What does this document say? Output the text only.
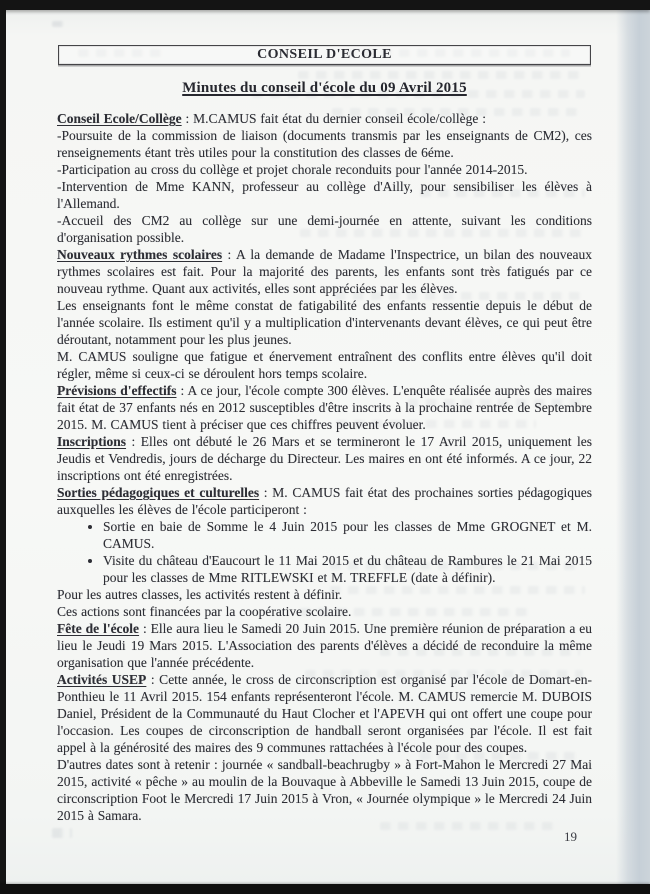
CONSEIL D'ECOLE
Minutes du conseil d'école du 09 Avril 2015

Conseil Ecole/Collège : M.CAMUS fait état du dernier conseil école/collège :

-Poursuite de la commission de liaison (documents transmis par les enseignants de CM2), ces renseignements étant très utiles pour la constitution des classes de 6éme.

-Participation au cross du collège et projet chorale reconduits pour l'année 2014-2015.

-Intervention de Mme KANN, professeur au collège d'Ailly, pour sensibiliser les élèves à l'Allemand.

-Accueil des CM2 au collège sur une demi-journée en attente, suivant les conditions d'organisation possible.

Nouveaux rythmes scolaires : A la demande de Madame l'Inspectrice, un bilan des nouveaux rythmes scolaires est fait. Pour la majorité des parents, les enfants sont très fatigués par ce nouveau rythme. Quant aux activités, elles sont appréciées par les élèves.

Les enseignants font le même constat de fatigabilité des enfants ressentie depuis le début de l'année scolaire. Ils estiment qu'il y a multiplication d'intervenants devant élèves, ce qui peut être déroutant, notamment pour les plus jeunes.

M. CAMUS souligne que fatigue et énervement entraînent des conflits entre élèves qu'il doit régler, même si ceux-ci se déroulent hors temps scolaire.

Prévisions d'effectifs : A ce jour, l'école compte 300 élèves. L'enquête réalisée auprès des maires fait état de 37 enfants nés en 2012 susceptibles d'être inscrits à la prochaine rentrée de Septembre 2015. M. CAMUS tient à préciser que ces chiffres peuvent évoluer.

Inscriptions : Elles ont débuté le 26 Mars et se termineront le 17 Avril 2015, uniquement les Jeudis et Vendredis, jours de décharge du Directeur. Les maires en ont été informés. A ce jour, 22 inscriptions ont été enregistrées.

Sorties pédagogiques et culturelles : M. CAMUS fait état des prochaines sorties pédagogiques auxquelles les élèves de l'école participeront :

• Sortie en baie de Somme le 4 Juin 2015 pour les classes de Mme GROGNET et M. CAMUS.
• Visite du château d'Eaucourt le 11 Mai 2015 et du château de Rambures le 21 Mai 2015 pour les classes de Mme RITLEWSKI et M. TREFFLE (date à définir).

Pour les autres classes, les activités restent à définir.

Ces actions sont financées par la coopérative scolaire.

Fête de l'école : Elle aura lieu le Samedi 20 Juin 2015. Une première réunion de préparation a eu lieu le Jeudi 19 Mars 2015. L'Association des parents d'élèves a décidé de reconduire la même organisation que l'année précédente.

Activités USEP : Cette année, le cross de circonscription est organisé par l'école de Domart-en-Ponthieu le 11 Avril 2015. 154 enfants représenteront l'école. M. CAMUS remercie M. DUBOIS Daniel, Président de la Communauté du Haut Clocher et l'APEVH qui ont offert une coupe pour l'occasion. Les coupes de circonscription de handball seront organisées par l'école. Il est fait appel à la générosité des maires des 9 communes rattachées à l'école pour des coupes.

D'autres dates sont à retenir : journée « sandball-beachrugby » à Fort-Mahon le Mercredi 27 Mai 2015, activité « pêche » au moulin de la Bouvaque à Abbeville le Samedi 13 Juin 2015, coupe de circonscription Foot le Mercredi 17 Juin 2015 à Vron, « Journée olympique » le Mercredi 24 Juin 2015 à Samara.

19
